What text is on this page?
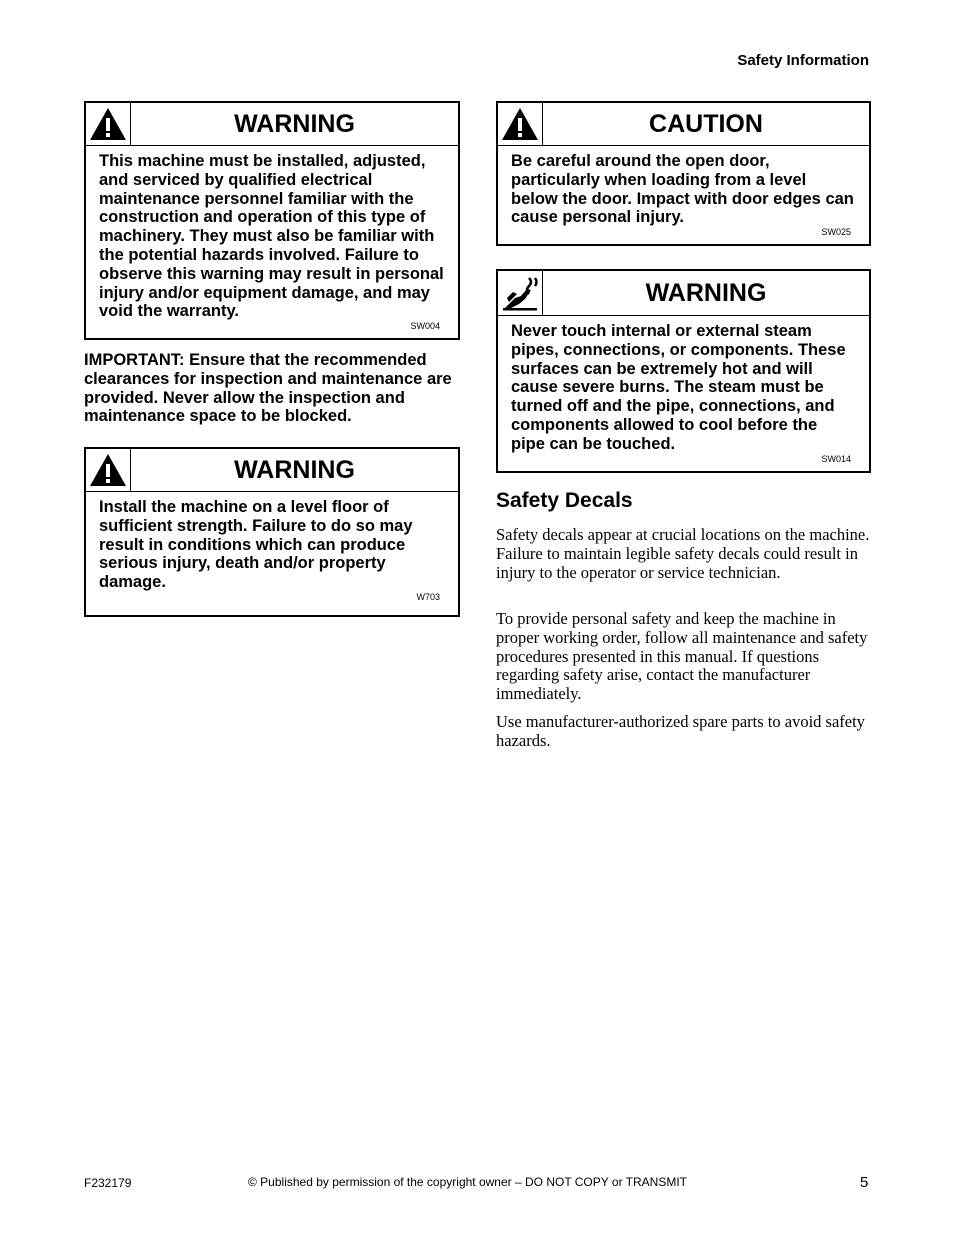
Safety Information
WARNING
This machine must be installed, adjusted, and serviced by qualified electrical maintenance personnel familiar with the construction and operation of this type of machinery. They must also be familiar with the potential hazards involved. Failure to observe this warning may result in personal injury and/or equipment damage, and may void the warranty.
SW004
IMPORTANT: Ensure that the recommended clearances for inspection and maintenance are provided. Never allow the inspection and maintenance space to be blocked.
WARNING
Install the machine on a level floor of sufficient strength. Failure to do so may result in conditions which can produce serious injury, death and/or property damage.
W703
CAUTION
Be careful around the open door, particularly when loading from a level below the door. Impact with door edges can cause personal injury.
SW025
WARNING
Never touch internal or external steam pipes, connections, or components. These surfaces can be extremely hot and will cause severe burns. The steam must be turned off and the pipe, connections, and components allowed to cool before the pipe can be touched.
SW014
Safety Decals
Safety decals appear at crucial locations on the machine. Failure to maintain legible safety decals could result in injury to the operator or service technician.
To provide personal safety and keep the machine in proper working order, follow all maintenance and safety procedures presented in this manual. If questions regarding safety arise, contact the manufacturer immediately.
Use manufacturer-authorized spare parts to avoid safety hazards.
F232179	© Published by permission of the copyright owner – DO NOT COPY or TRANSMIT	5
